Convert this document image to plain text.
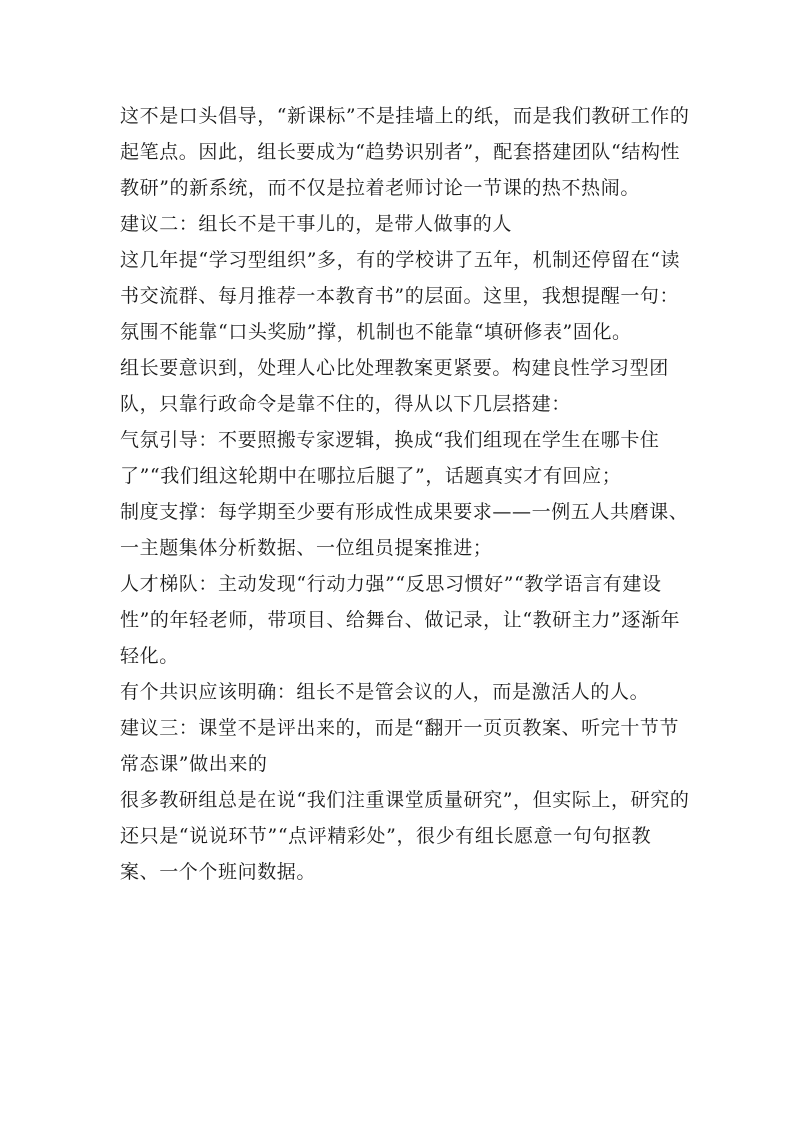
这不是口头倡导，“新课标”不是挂墙上的纸，而是我们教研工作的起笔点。因此，组长要成为“趋势识别者”，配套搭建团队“结构性教研”的新系统，而不仅是拉着老师讨论一节课的热不热闹。

建议二：组长不是干事儿的，是带人做事的人

这几年提“学习型组织”多，有的学校讲了五年，机制还停留在“读书交流群、每月推荐一本教育书”的层面。这里，我想提醒一句：氛围不能靠“口头奖励”撑，机制也不能靠“填研修表”固化。

组长要意识到，处理人心比处理教案更紧要。构建良性学习型团队，只靠行政命令是靠不住的，得从以下几层搭建：

气氛引导：不要照搬专家逻辑，换成“我们组现在学生在哪卡住了”“我们组这轮期中在哪拉后腿了”，话题真实才有回应；

制度支撑：每学期至少要有形成性成果要求——一例五人共磨课、一主题集体分析数据、一位组员提案推进；

人才梯队：主动发现“行动力强”“反思习惯好”“教学语言有建设性”的年轻老师，带项目、给舞台、做记录，让“教研主力”逐渐年轻化。

有个共识应该明确：组长不是管会议的人，而是激活人的人。

建议三：课堂不是评出来的，而是“翻开一页页教案、听完十节节常态课”做出来的

很多教研组总是在说“我们注重课堂质量研究”，但实际上，研究的还只是“说说环节”“点评精彩处”，很少有组长愿意一句句抠教案、一个个班问数据。
